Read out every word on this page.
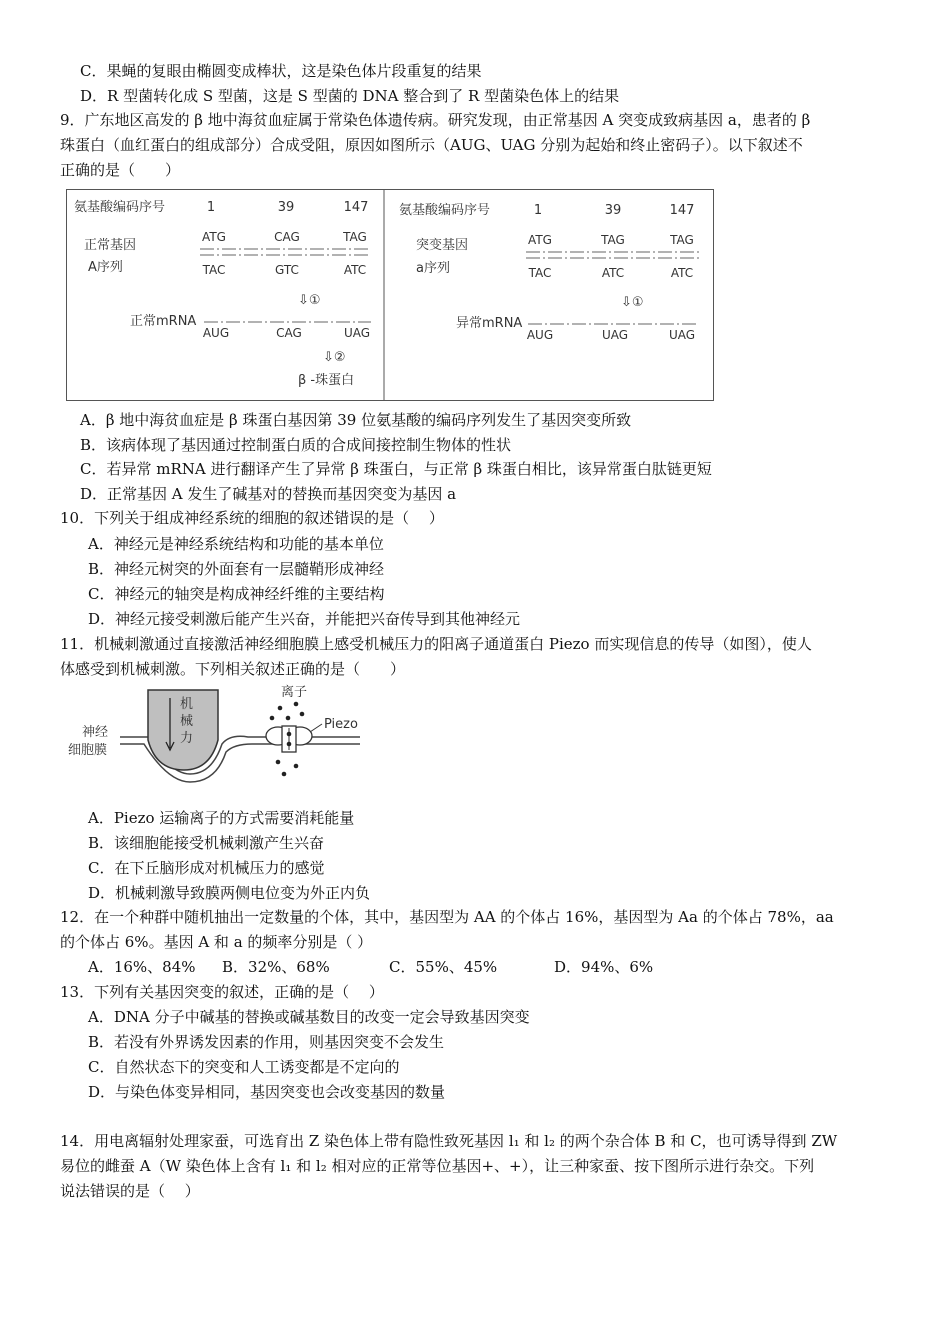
C．果蝇的复眼由椭圆变成棒状，这是染色体片段重复的结果
D．R 型菌转化成 S 型菌，这是 S 型菌的 DNA 整合到了 R 型菌染色体上的结果
9．广东地区高发的 β 地中海贫血症属于常染色体遗传病。研究发现，由正常基因 A 突变成致病基因 a，患者的 β
珠蛋白（血红蛋白的组成部分）合成受阻，原因如图所示（AUG、UAG 分别为起始和终止密码子）。以下叙述不
正确的是（　　）
氨基酸编码序号	1	39	147
正常基因
A序列
ATG	CAG	TAG
TAC	GTC	ATC
⇩①
正常mRNA
AUG	CAG	UAG
⇩②
β -珠蛋白
氨基酸编码序号	1	39	147
突变基因
a序列
ATG	TAG	TAG
TAC	ATC	ATC
⇩①
异常mRNA
AUG	UAG	UAG
A．β 地中海贫血症是 β 珠蛋白基因第 39 位氨基酸的编码序列发生了基因突变所致
B．该病体现了基因通过控制蛋白质的合成间接控制生物体的性状
C．若异常 mRNA 进行翻译产生了异常 β 珠蛋白，与正常 β 珠蛋白相比，该异常蛋白肽链更短
D．正常基因 A 发生了碱基对的替换而基因突变为基因 a
10．下列关于组成神经系统的细胞的叙述错误的是（　 ）
A．神经元是神经系统结构和功能的基本单位
B．神经元树突的外面套有一层髓鞘形成神经
C．神经元的轴突是构成神经纤维的主要结构
D．神经元接受刺激后能产生兴奋，并能把兴奋传导到其他神经元
11．机械刺激通过直接激活神经细胞膜上感受机械压力的阳离子通道蛋白 Piezo 而实现信息的传导（如图），使人
体感受到机械刺激。下列相关叙述正确的是（　　）
机
械
力
Piezo
离子
神经
细胞膜
A．Piezo 运输离子的方式需要消耗能量
B．该细胞能接受机械刺激产生兴奋
C．在下丘脑形成对机械压力的感觉
D．机械刺激导致膜两侧电位变为外正内负
12．在一个种群中随机抽出一定数量的个体，其中，基因型为 AA 的个体占 16%，基因型为 Aa 的个体占 78%，aa
的个体占 6%。基因 A 和 a 的频率分别是（ ）
A．16%、84% B．32%、68%	C．55%、45%	D．94%、6%
13．下列有关基因突变的叙述，正确的是（　 ）
A．DNA 分子中碱基的替换或碱基数目的改变一定会导致基因突变
B．若没有外界诱发因素的作用，则基因突变不会发生
C．自然状态下的突变和人工诱变都是不定向的
D．与染色体变异相同，基因突变也会改变基因的数量
14．用电离辐射处理家蚕，可选育出 Z 染色体上带有隐性致死基因 l₁ 和 l₂ 的两个杂合体 B 和 C，也可诱导得到 ZW
易位的雌蚕 A（W 染色体上含有 l₁ 和 l₂ 相对应的正常等位基因+、+），让三种家蚕、按下图所示进行杂交。下列
说法错误的是（　 ）
